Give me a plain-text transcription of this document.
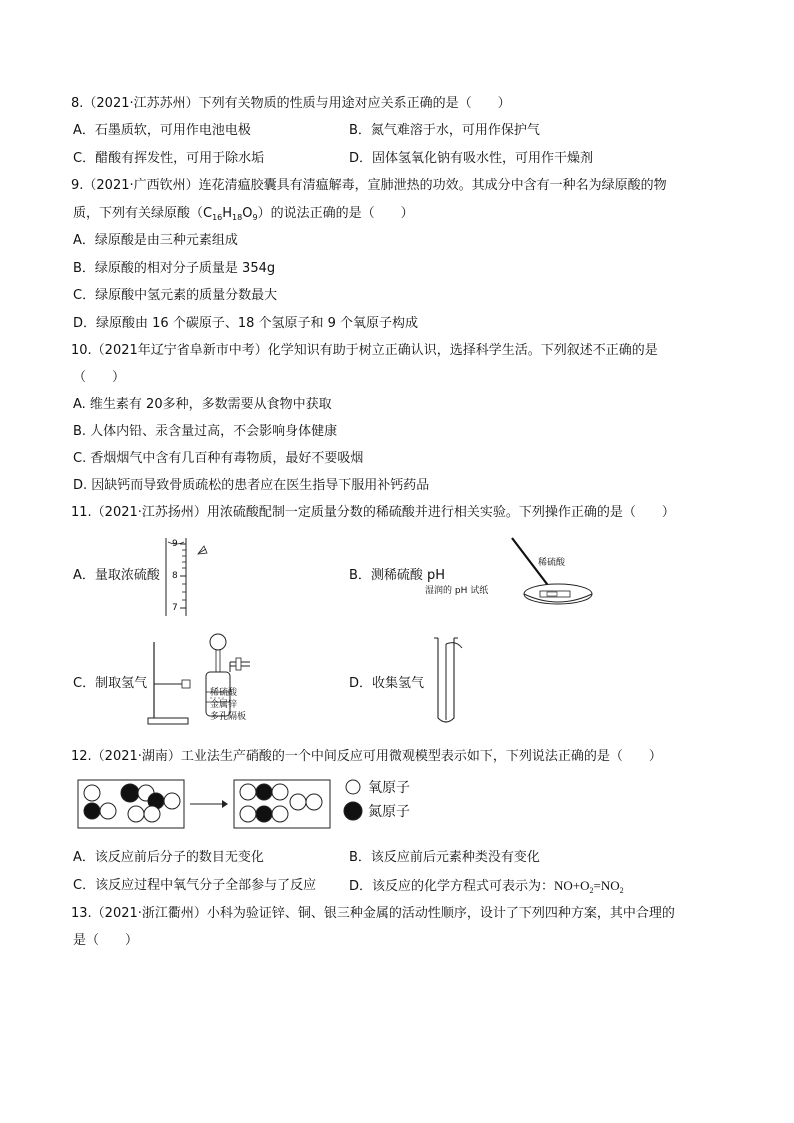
8.（2021·江苏苏州）下列有关物质的性质与用途对应关系正确的是（　　）
A．石墨质软，可用作电池电极	B．氮气难溶于水，可用作保护气
C．醋酸有挥发性，可用于除水垢	D．固体氢氧化钠有吸水性，可用作干燥剂
9.（2021·广西钦州）连花清瘟胶囊具有清瘟解毒，宣肺泄热的功效。其成分中含有一种名为绿原酸的物
质，下列有关绿原酸$(C_{16}H_{18}O_9)$的说法正确的是（　　）
A．绿原酸是由三种元素组成
B．绿原酸的相对分子质量是 354g
C．绿原酸中氢元素的质量分数最大
D．绿原酸由 16 个碳原子、18 个氢原子和 9 个氧原子构成
10.（2021年辽宁省阜新市中考）化学知识有助于树立正确认识，选择科学生活。下列叙述不正确的是
（　　）
A. 维生素有 20多种，多数需要从食物中获取
B. 人体内铅、汞含量过高，不会影响身体健康
C. 香烟烟气中含有几百种有毒物质，最好不要吸烟
D. 因缺钙而导致骨质疏松的患者应在医生指导下服用补钙药品
11.（2021·江苏扬州）用浓硫酸配制一定质量分数的稀硫酸并进行相关实验。下列操作正确的是（　　）
A．量取浓硫酸
9
8
7
B．测稀硫酸 pH
稀硫酸
湿润的 pH 试纸
C．制取氢气
稀硫酸
金属锌
多孔隔板
D．收集氢气
12.（2021·湖南）工业法生产硝酸的一个中间反应可用微观模型表示如下，下列说法正确的是（　　）
氧原子
氮原子
A．该反应前后分子的数目无变化	B．该反应前后元素种类没有变化
C．该反应过程中氧气分子全部参与了反应	D．该反应的化学方程式可表示为：$NO+O_2=NO_2$
13.（2021·浙江衢州）小科为验证锌、铜、银三种金属的活动性顺序，设计了下列四种方案，其中合理的
是（　　）
